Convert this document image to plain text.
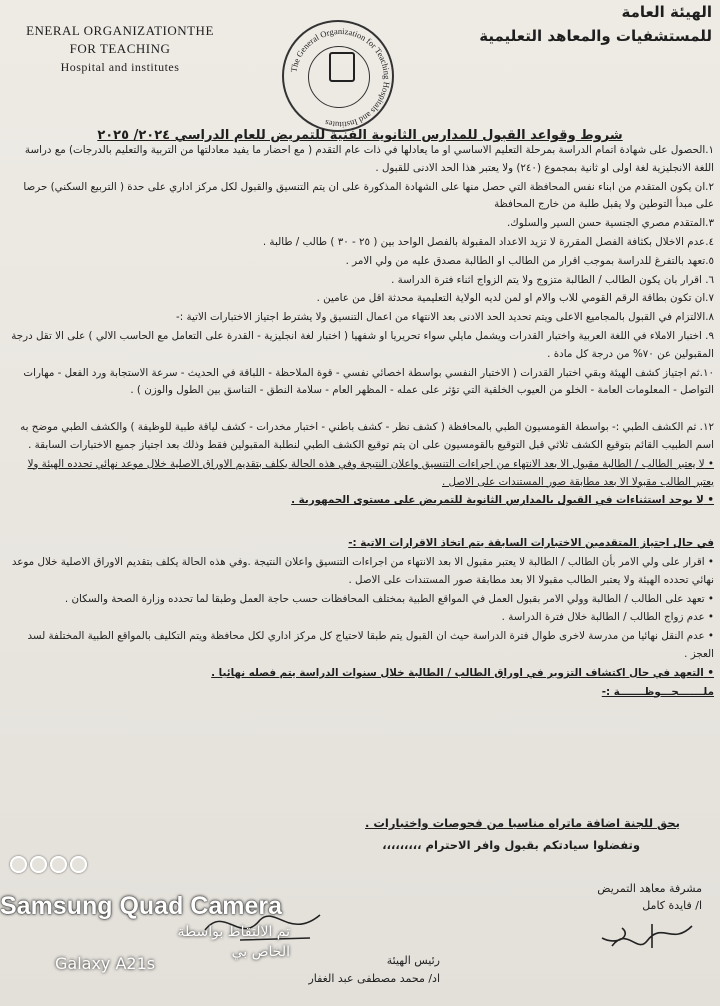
ENERAL ORGANIZATIONTHE
FOR TEACHING
Hospital and institutes
الهيئة العامة
للمستشفيات والمعاهد التعليمية
The General Organization for Teaching Hospitals and Institutes
شروط وقواعد القبول للمدارس الثانوية الفنية للتمريض للعام الدراسي ٢٠٢٤/ ٢٠٢٥

١.الحصول على شهادة اتمام الدراسة بمرحلة التعليم الاساسي او ما يعادلها في ذات عام التقدم ( مع احضار ما يفيد معادلتها من التربية والتعليم بالدرجات) مع دراسة اللغة الانجليزية لغة اولى او ثانية بمجموع (٢٤٠) ولا يعتبر هذا الحد الادنى للقبول .

٢.ان يكون المتقدم من ابناء نفس المحافظة التي حصل منها على الشهادة المذكورة على ان يتم التنسيق والقبول لكل مركز اداري على حدة ( التربيع السكني) حرصا على مبدأ التوطين ولا يقبل طلبة من خارج المحافظة

٣.المتقدم مصري الجنسية حسن السير والسلوك.

٤.عدم الاخلال بكثافة الفصل المقررة لا تزيد الاعداد المقبولة بالفصل الواحد بين ( ٢٥ - ٣٠ ) طالب / طالبة .

٥.تعهد بالتفرغ للدراسة بموجب اقرار من الطالب او الطالبة مصدق عليه من ولي الامر .

٦. اقرار بان يكون الطالب / الطالبة متزوج ولا يتم الزواج اثناء فترة الدراسة .

٧.ان تكون بطاقة الرقم القومي للاب والام او لمن لديه الولاية التعليمية محدثة اقل من عامين .

٨.الالتزام في القبول بالمجاميع الاعلى ويتم تحديد الحد الادنى بعد الانتهاء من اعمال التنسيق ولا يشترط اجتياز الاختبارات الاتية :-

٩. اختبار الاملاء في اللغة العربية واختبار القدرات ويشمل مايلي سواء تحريريا او شفهيا ( اختبار لغة انجليزية - القدرة على التعامل مع الحاسب الالي ) على الا تقل درجة المقبولين عن ٧٠% من درجة كل مادة .

١٠.ثم اجتياز كشف الهيئة وبقي اختبار القدرات ( الاختبار النفسي بواسطة اخصائي نفسي - قوة الملاحظة - اللباقة في الحديث - سرعة الاستجابة ورد الفعل - مهارات التواصل - المعلومات العامة - الخلو من العيوب الخلقية التي تؤثر على عمله - المظهر العام - سلامة النطق - التناسق بين الطول والوزن ) .

١٢. ثم الكشف الطبي :- بواسطة القومسيون الطبي بالمحافظة ( كشف نظر - كشف باطني - اختبار مخدرات - كشف لياقة طبية للوظيفة ) والكشف الطبي موضح به اسم الطبيب القائم بتوقيع الكشف ثلاثي قبل التوقيع بالقومسيون على ان يتم توقيع الكشف الطبي لنطلبة المقبولين فقط وذلك بعد اجتياز جميع الاختبارات السابقة .

• لا يعتبر الطالب / الطالبة مقبول الا بعد الانتهاء من اجراءات التنسيق واعلان النتيجة وفي هذه الحالة يكلف بتقديم الاوراق الاصلية خلال موعد نهائي تحدده الهيئة ولا يعتبر الطالب مقبولا الا بعد مطابقة صور المستندات على الاصل .

• لا يوجد استثناءات في القبول بالمدارس الثانوية للتمريض على مستوى الجمهورية .

في حال اجتياز المتقدمين الاختبارات السابقة يتم اتخاذ الاقرارات الاتية :-

• اقرار على ولي الامر بأن الطالب / الطالبة لا يعتبر مقبول الا بعد الانتهاء من اجراءات التنسيق واعلان النتيجة .وفي هذه الحالة يكلف بتقديم الاوراق الاصلية خلال موعد نهائي تحدده الهيئة ولا يعتبر الطالب مقبولا الا بعد مطابقة صور المستندات على الاصل .

• تعهد على الطالب / الطالبة وولي الامر بقبول العمل في المواقع الطبية بمختلف المحافظات حسب حاجة العمل وطبقا لما تحدده وزارة الصحة والسكان .

• عدم زواج الطالب / الطالبة خلال فترة الدراسة .

• عدم النقل نهائيا من مدرسة لاخرى طوال فترة الدراسة حيث ان القبول يتم طبقا لاحتياج كل مركز اداري لكل محافظة ويتم التكليف بالمواقع الطبية المختلفة لسد العجز .

• التعهد في حال اكتشاف التزوير في اوراق الطالب / الطالبة خلال سنوات الدراسة يتم فصله نهائيا .

ملـــــــحـــوظـــــــة :-

يحق للجنة اضافة ماتراه مناسبا من فحوصات واختبارات .
وتفضلوا سيادتكم بقبول وافر الاحترام ،،،،،،،،،
مشرفة معاهد التمريض
ا/ فايدة كامل
رئيس الهيئة
اد/ محمد مصطفى عبد الغفار
Samsung Quad Camera
تم الالتقاط بواسطة
الخاص بي
Galaxy A21s
